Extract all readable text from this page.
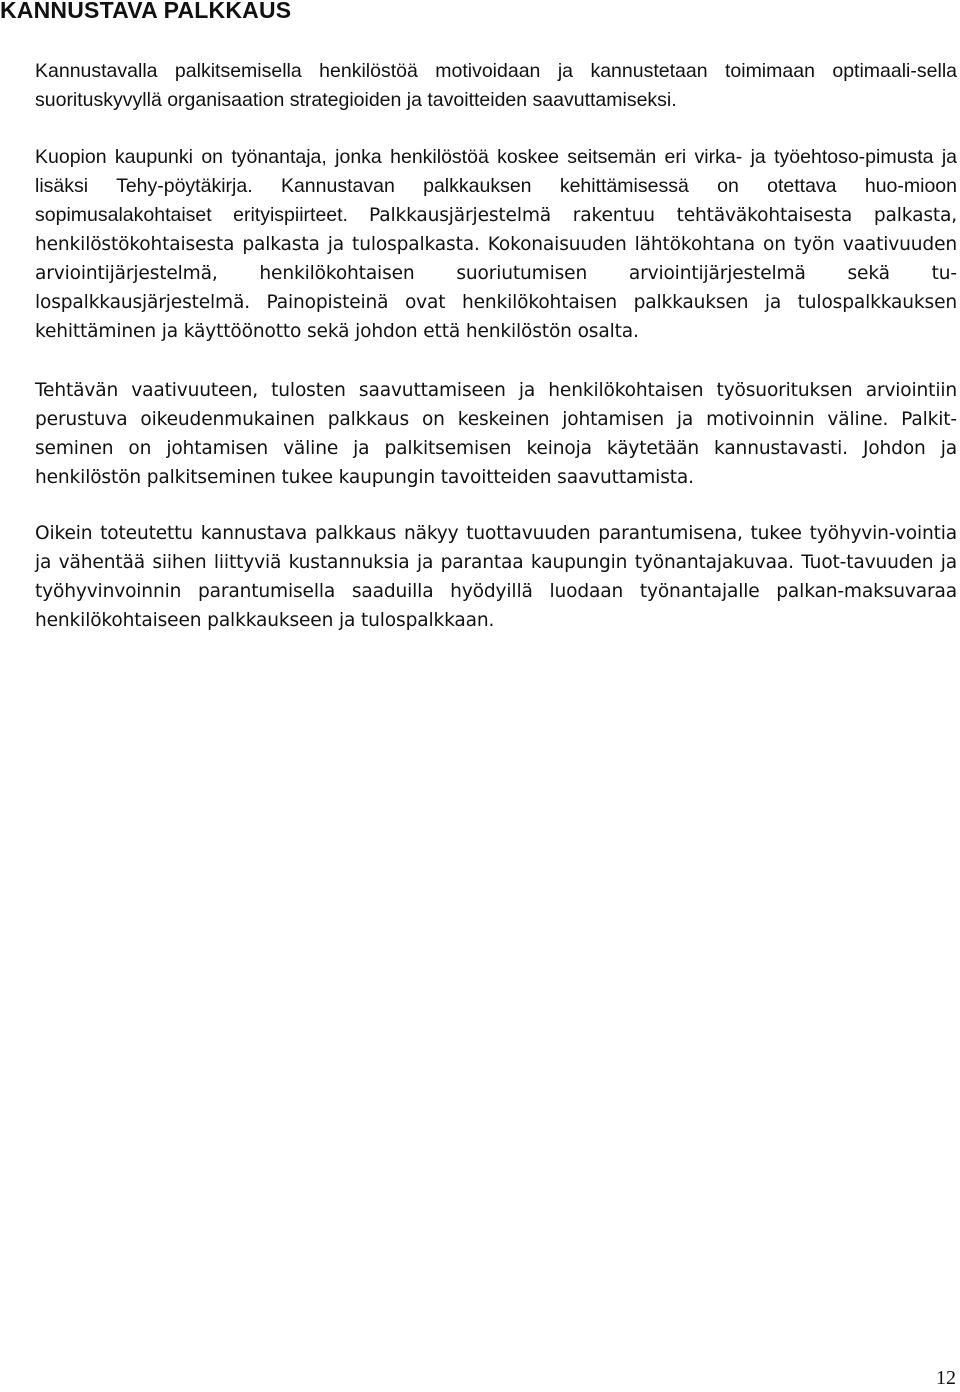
KANNUSTAVA PALKKAUS

Kannustavalla palkitsemisella henkilöstöä motivoidaan ja kannustetaan toimimaan optimaali-sella suorituskyvyllä organisaation strategioiden ja tavoitteiden saavuttamiseksi.

Kuopion kaupunki on työnantaja, jonka henkilöstöä koskee seitsemän eri virka- ja työehtoso-pimusta ja lisäksi Tehy-pöytäkirja. Kannustavan palkkauksen kehittämisessä on otettava huo-mioon sopimusalakohtaiset erityispiirteet. Palkkausjärjestelmä rakentuu tehtäväkohtaisesta palkasta, henkilöstökohtaisesta palkasta ja tulospalkasta. Kokonaisuuden lähtökohtana on työn vaativuuden arviointijärjestelmä, henkilökohtaisen suoriutumisen arviointijärjestelmä sekä tu-lospalkkausjärjestelmä. Painopisteinä ovat henkilökohtaisen palkkauksen ja tulospalkkauksen kehittäminen ja käyttöönotto sekä johdon että henkilöstön osalta.

Tehtävän vaativuuteen, tulosten saavuttamiseen ja henkilökohtaisen työsuorituksen arviointiin perustuva oikeudenmukainen palkkaus on keskeinen johtamisen ja motivoinnin väline. Palkit-seminen on johtamisen väline ja palkitsemisen keinoja käytetään kannustavasti. Johdon ja henkilöstön palkitseminen tukee kaupungin tavoitteiden saavuttamista.

Oikein toteutettu kannustava palkkaus näkyy tuottavuuden parantumisena, tukee työhyvin-vointia ja vähentää siihen liittyviä kustannuksia ja parantaa kaupungin työnantajakuvaa. Tuot-tavuuden ja työhyvinvoinnin parantumisella saaduilla hyödyillä luodaan työnantajalle palkan-maksuvaraa henkilökohtaiseen palkkaukseen ja tulospalkkaan.

12
